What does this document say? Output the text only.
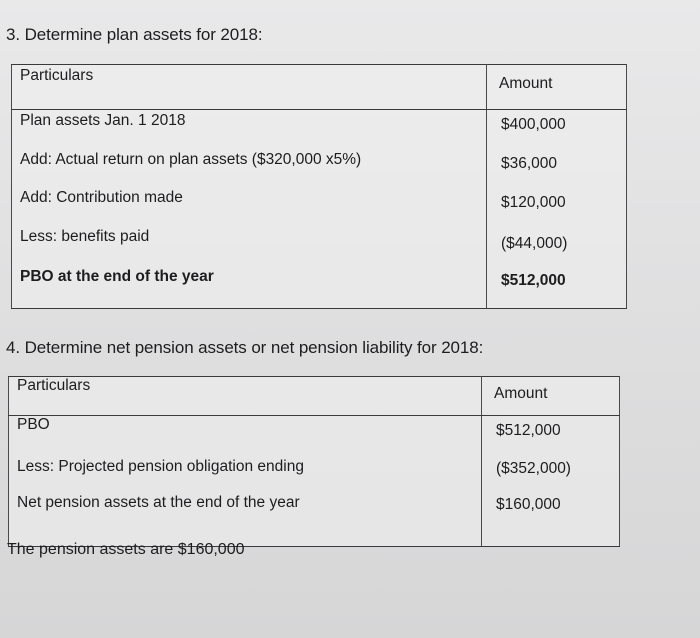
3. Determine plan assets for 2018:
Particulars	Amount

Plan assets Jan. 1 2018	$400,000

Add: Actual return on plan assets ($320,000 x5%)	$36,000

Add: Contribution made	$120,000

Less: benefits paid	($44,000)

PBO at the end of the year	$512,000
4. Determine net pension assets or net pension liability for 2018:
Particulars	Amount

PBO	$512,000

Less: Projected pension obligation ending	($352,000)

Net pension assets at the end of the year	$160,000
The pension assets are $160,000
